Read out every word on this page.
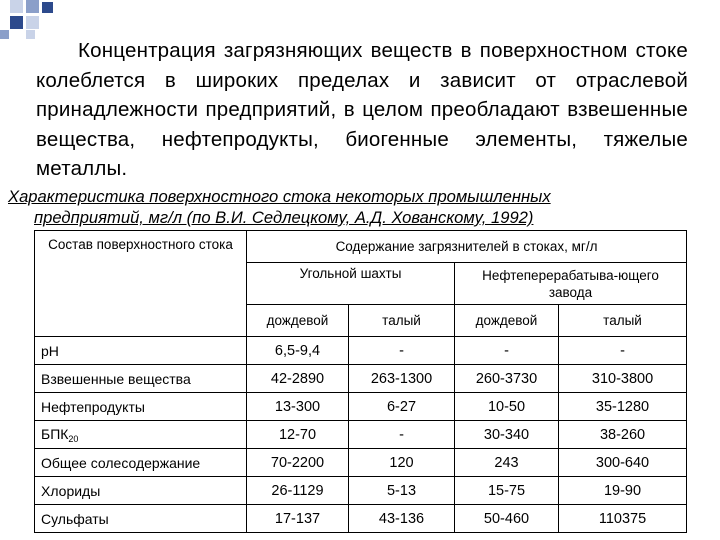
Концентрация загрязняющих веществ в поверхностном стоке колеблется в широких пределах и зависит от отраслевой принадлежности предприятий, в целом преобладают взвешенные вещества, нефтепродукты, биогенные элементы, тяжелые металлы.

Характеристика поверхностного стока некоторых промышленных
предприятий, мг/л (по В.И. Седлецкому, А.Д. Хованскому, 1992)

Состав поверхностного стока	Содержание загрязнителей в стоках, мг/л			
	Угольной шахты		Нефтеперерабатыва-ющего завода	
	дождевой	талый	дождевой	талый
рН	6,5-9,4	-	-	-
Взвешенные вещества	42-2890	263-1300	260-3730	310-3800
Нефтепродукты	13-300	6-27	10-50	35-1280
$БПК_{20}$	12-70	-	30-340	38-260
Общее солесодержание	70-2200	120	243	300-640
Хлориды	26-1129	5-13	15-75	19-90
Сульфаты	17-137	43-136	50-460	110375
